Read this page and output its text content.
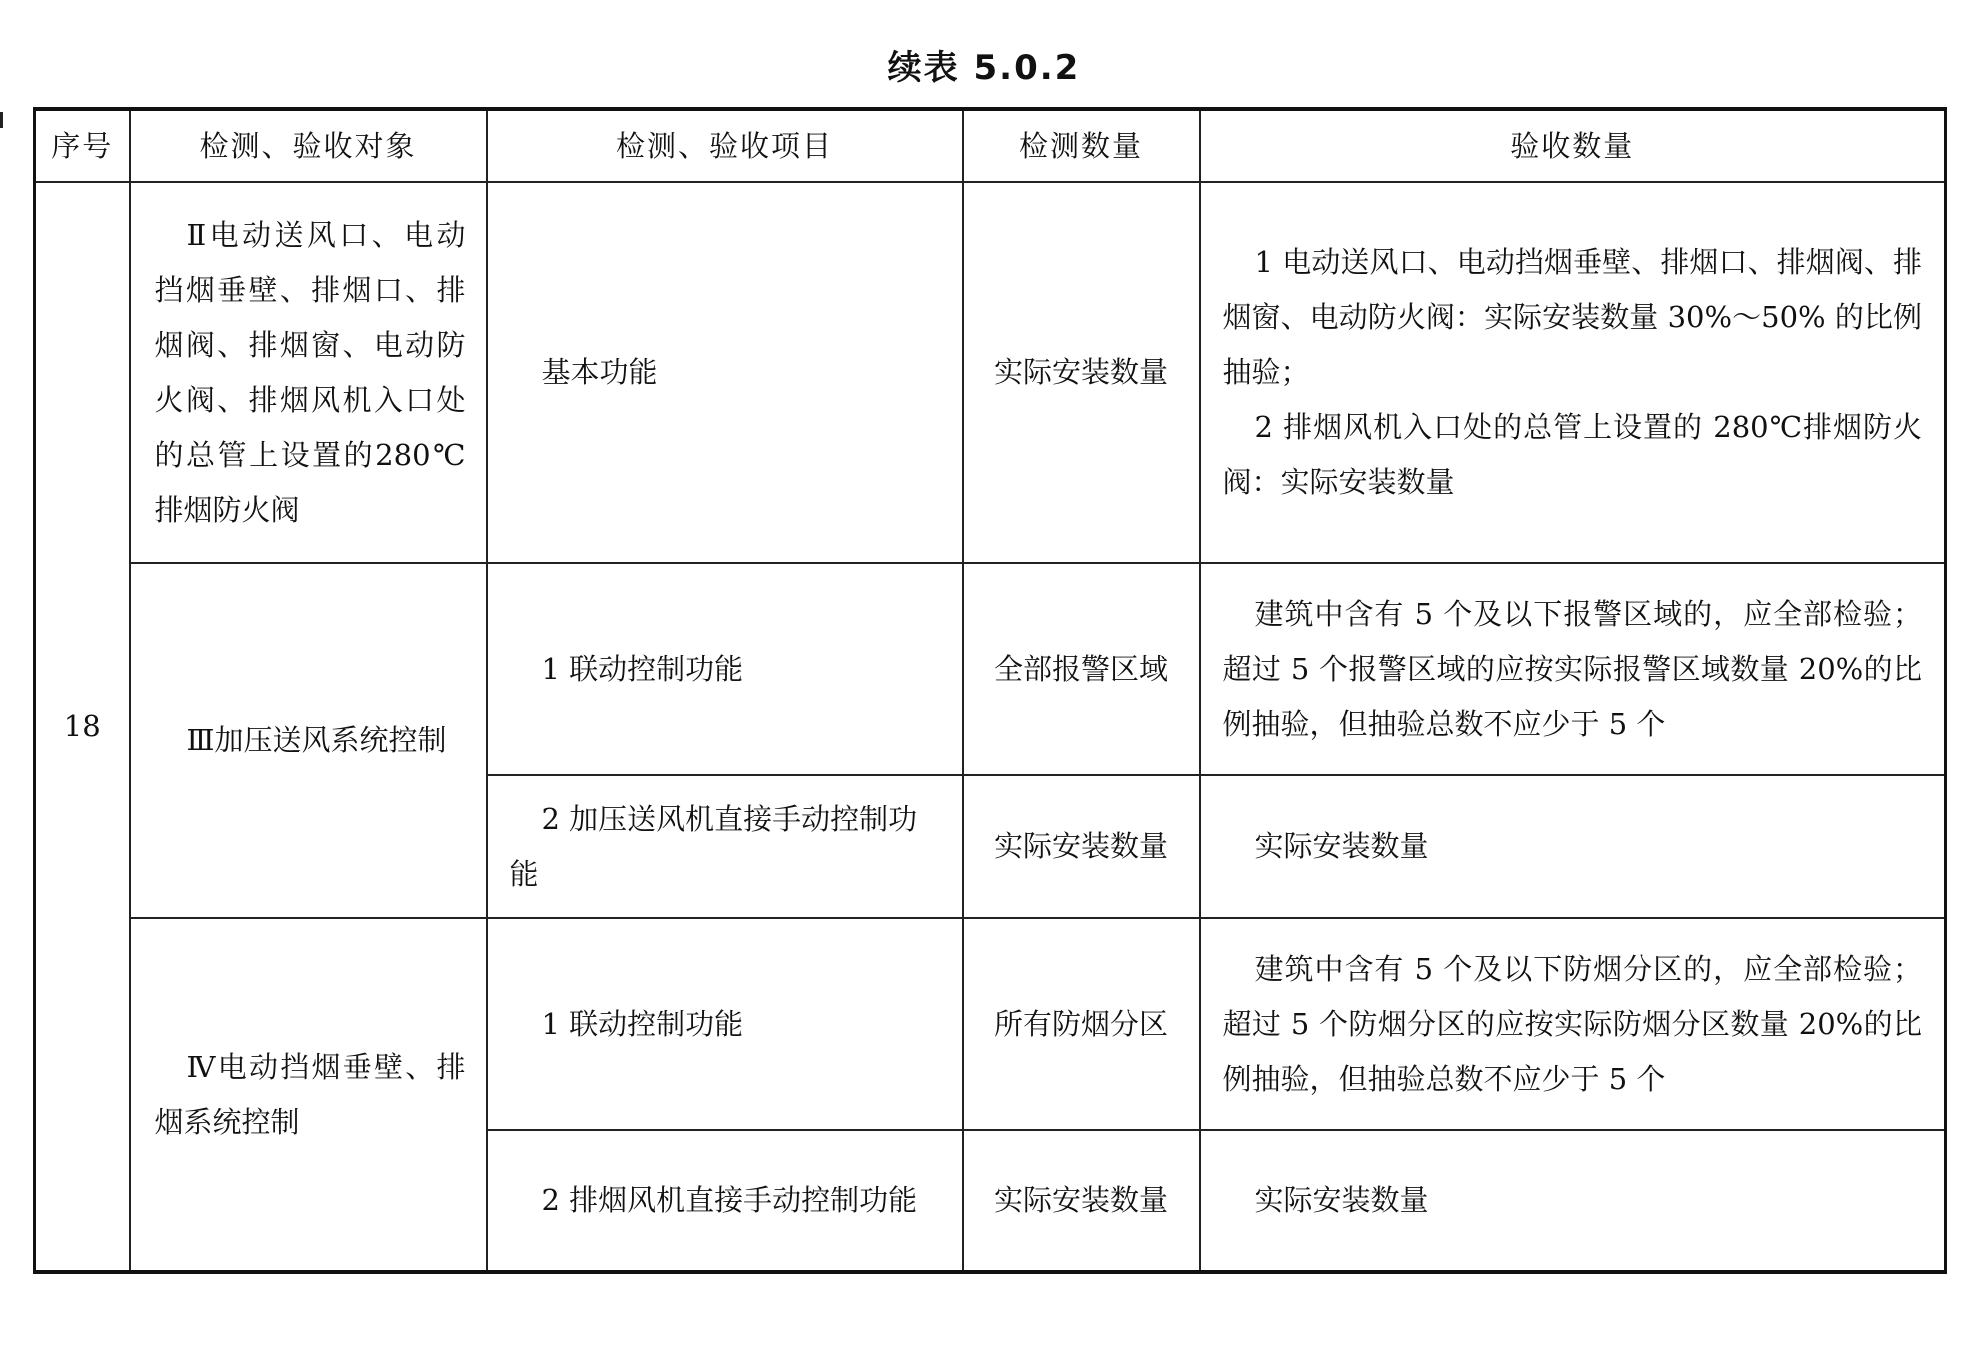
续表 5.0.2
序号	检测、验收对象	检测、验收项目	检测数量	验收数量
18	Ⅱ电动送风口、电动挡烟垂壁、排烟口、排烟阀、排烟窗、电动防火阀、排烟风机入口处的总管上设置的280℃排烟防火阀	基本功能	实际安装数量	1 电动送风口、电动挡烟垂壁、排烟口、排烟阀、排烟窗、电动防火阀：实际安装数量 30%～50% 的比例抽验；
2 排烟风机入口处的总管上设置的 280℃排烟防火阀：实际安装数量

	Ⅲ加压送风系统控制	1 联动控制功能	全部报警区域	建筑中含有 5 个及以下报警区域的，应全部检验；超过 5 个报警区域的应按实际报警区域数量 20%的比例抽验，但抽验总数不应少于 5 个

		2 加压送风机直接手动控制功能	实际安装数量	实际安装数量

	Ⅳ电动挡烟垂壁、排烟系统控制	1 联动控制功能	所有防烟分区	建筑中含有 5 个及以下防烟分区的，应全部检验；超过 5 个防烟分区的应按实际防烟分区数量 20%的比例抽验，但抽验总数不应少于 5 个

		2 排烟风机直接手动控制功能	实际安装数量	实际安装数量
